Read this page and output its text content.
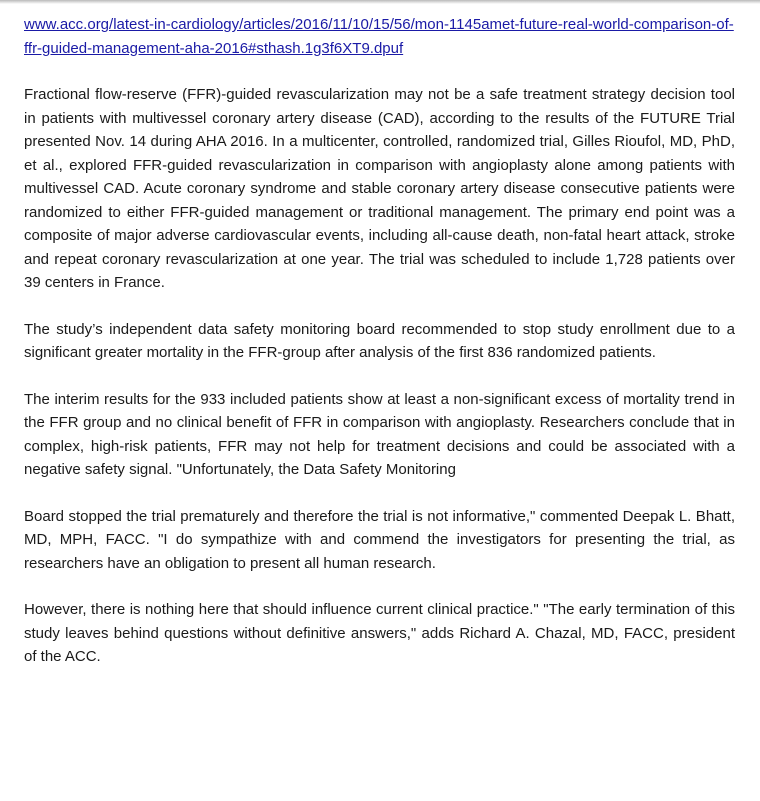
www.acc.org/latest-in-cardiology/articles/2016/11/10/15/56/mon-1145amet-future-real-world-comparison-of-ffr-guided-management-aha-2016#sthash.1g3f6XT9.dpuf

Fractional flow-reserve (FFR)-guided revascularization may not be a safe treatment strategy decision tool in patients with multivessel coronary artery disease (CAD), according to the results of the FUTURE Trial presented Nov. 14 during AHA 2016. In a multicenter, controlled, randomized trial, Gilles Rioufol, MD, PhD, et al., explored FFR-guided revascularization in comparison with angioplasty alone among patients with multivessel CAD. Acute coronary syndrome and stable coronary artery disease consecutive patients were randomized to either FFR-guided management or traditional management. The primary end point was a composite of major adverse cardiovascular events, including all-cause death, non-fatal heart attack, stroke and repeat coronary revascularization at one year. The trial was scheduled to include 1,728 patients over 39 centers in France.

The study’s independent data safety monitoring board recommended to stop study enrollment due to a significant greater mortality in the FFR-group after analysis of the first 836 randomized patients.

The interim results for the 933 included patients show at least a non-significant excess of mortality trend in the FFR group and no clinical benefit of FFR in comparison with angioplasty. Researchers conclude that in complex, high-risk patients, FFR may not help for treatment decisions and could be associated with a negative safety signal. "Unfortunately, the Data Safety Monitoring

Board stopped the trial prematurely and therefore the trial is not informative," commented Deepak L. Bhatt, MD, MPH, FACC. "I do sympathize with and commend the investigators for presenting the trial, as researchers have an obligation to present all human research.

However, there is nothing here that should influence current clinical practice." "The early termination of this study leaves behind questions without definitive answers," adds Richard A. Chazal, MD, FACC, president of the ACC.
